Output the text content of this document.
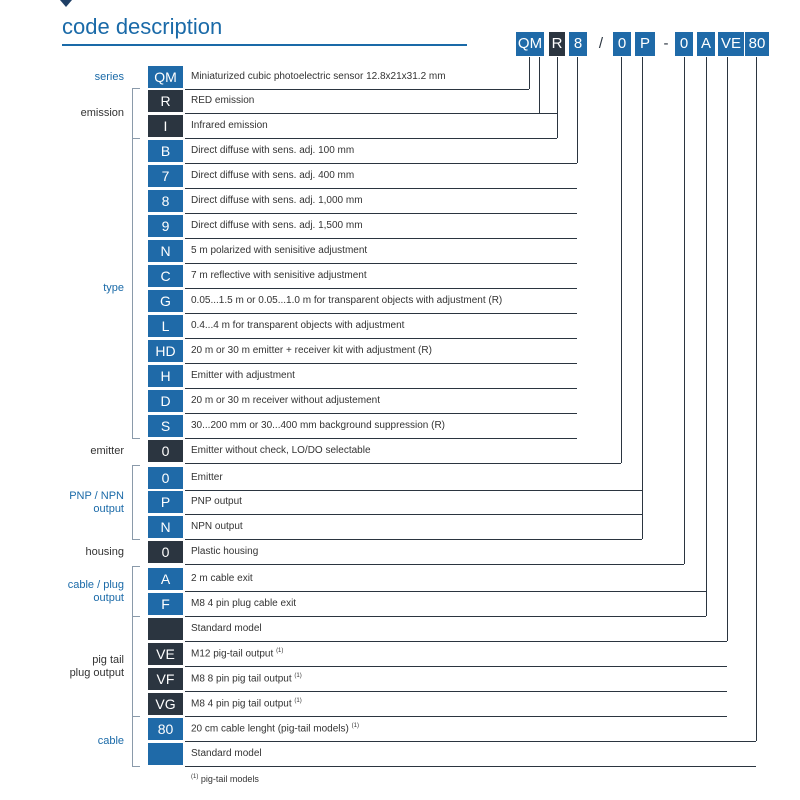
code description
QM R 8	/ 0 P - 0 A VE 80
QM	Miniaturized cubic photoelectric sensor 12.8x21x31.2 mm
series
R	RED emission
I	Infrared emission
emission
B	Direct diffuse with sens. adj. 100 mm
7	Direct diffuse with sens. adj. 400 mm
8	Direct diffuse with sens. adj. 1,000 mm
9	Direct diffuse with sens. adj. 1,500 mm
N	5 m polarized with senisitive adjustment
C	7 m reflective with senisitive adjustment
G	0.05...1.5 m or 0.05...1.0 m for transparent objects with adjustment (R)
L	0.4...4 m for transparent objects with adjustment
HD	20 m or 30 m emitter + receiver kit with adjustment (R)
H	Emitter with adjustment
D	20 m or 30 m receiver without adjustement
S	30...200 mm or 30...400 mm background suppression (R)
type
0	Emitter without check, LO/DO selectable
emitter
0	Emitter
P	PNP output
N	NPN output
PNP / NPN
output
0	Plastic housing
housing
A	2 m cable exit
F	M8 4 pin plug cable exit
cable / plug
output
Standard model
VE	M12 pig-tail output $^{(1)}$
VF	M8 8 pin pig tail output $^{(1)}$
VG	M8 4 pin pig tail output $^{(1)}$
pig tail
plug output
80	20 cm cable lenght (pig-tail models) $^{(1)}$
Standard model
cable
$^{(1)}$ pig-tail models
